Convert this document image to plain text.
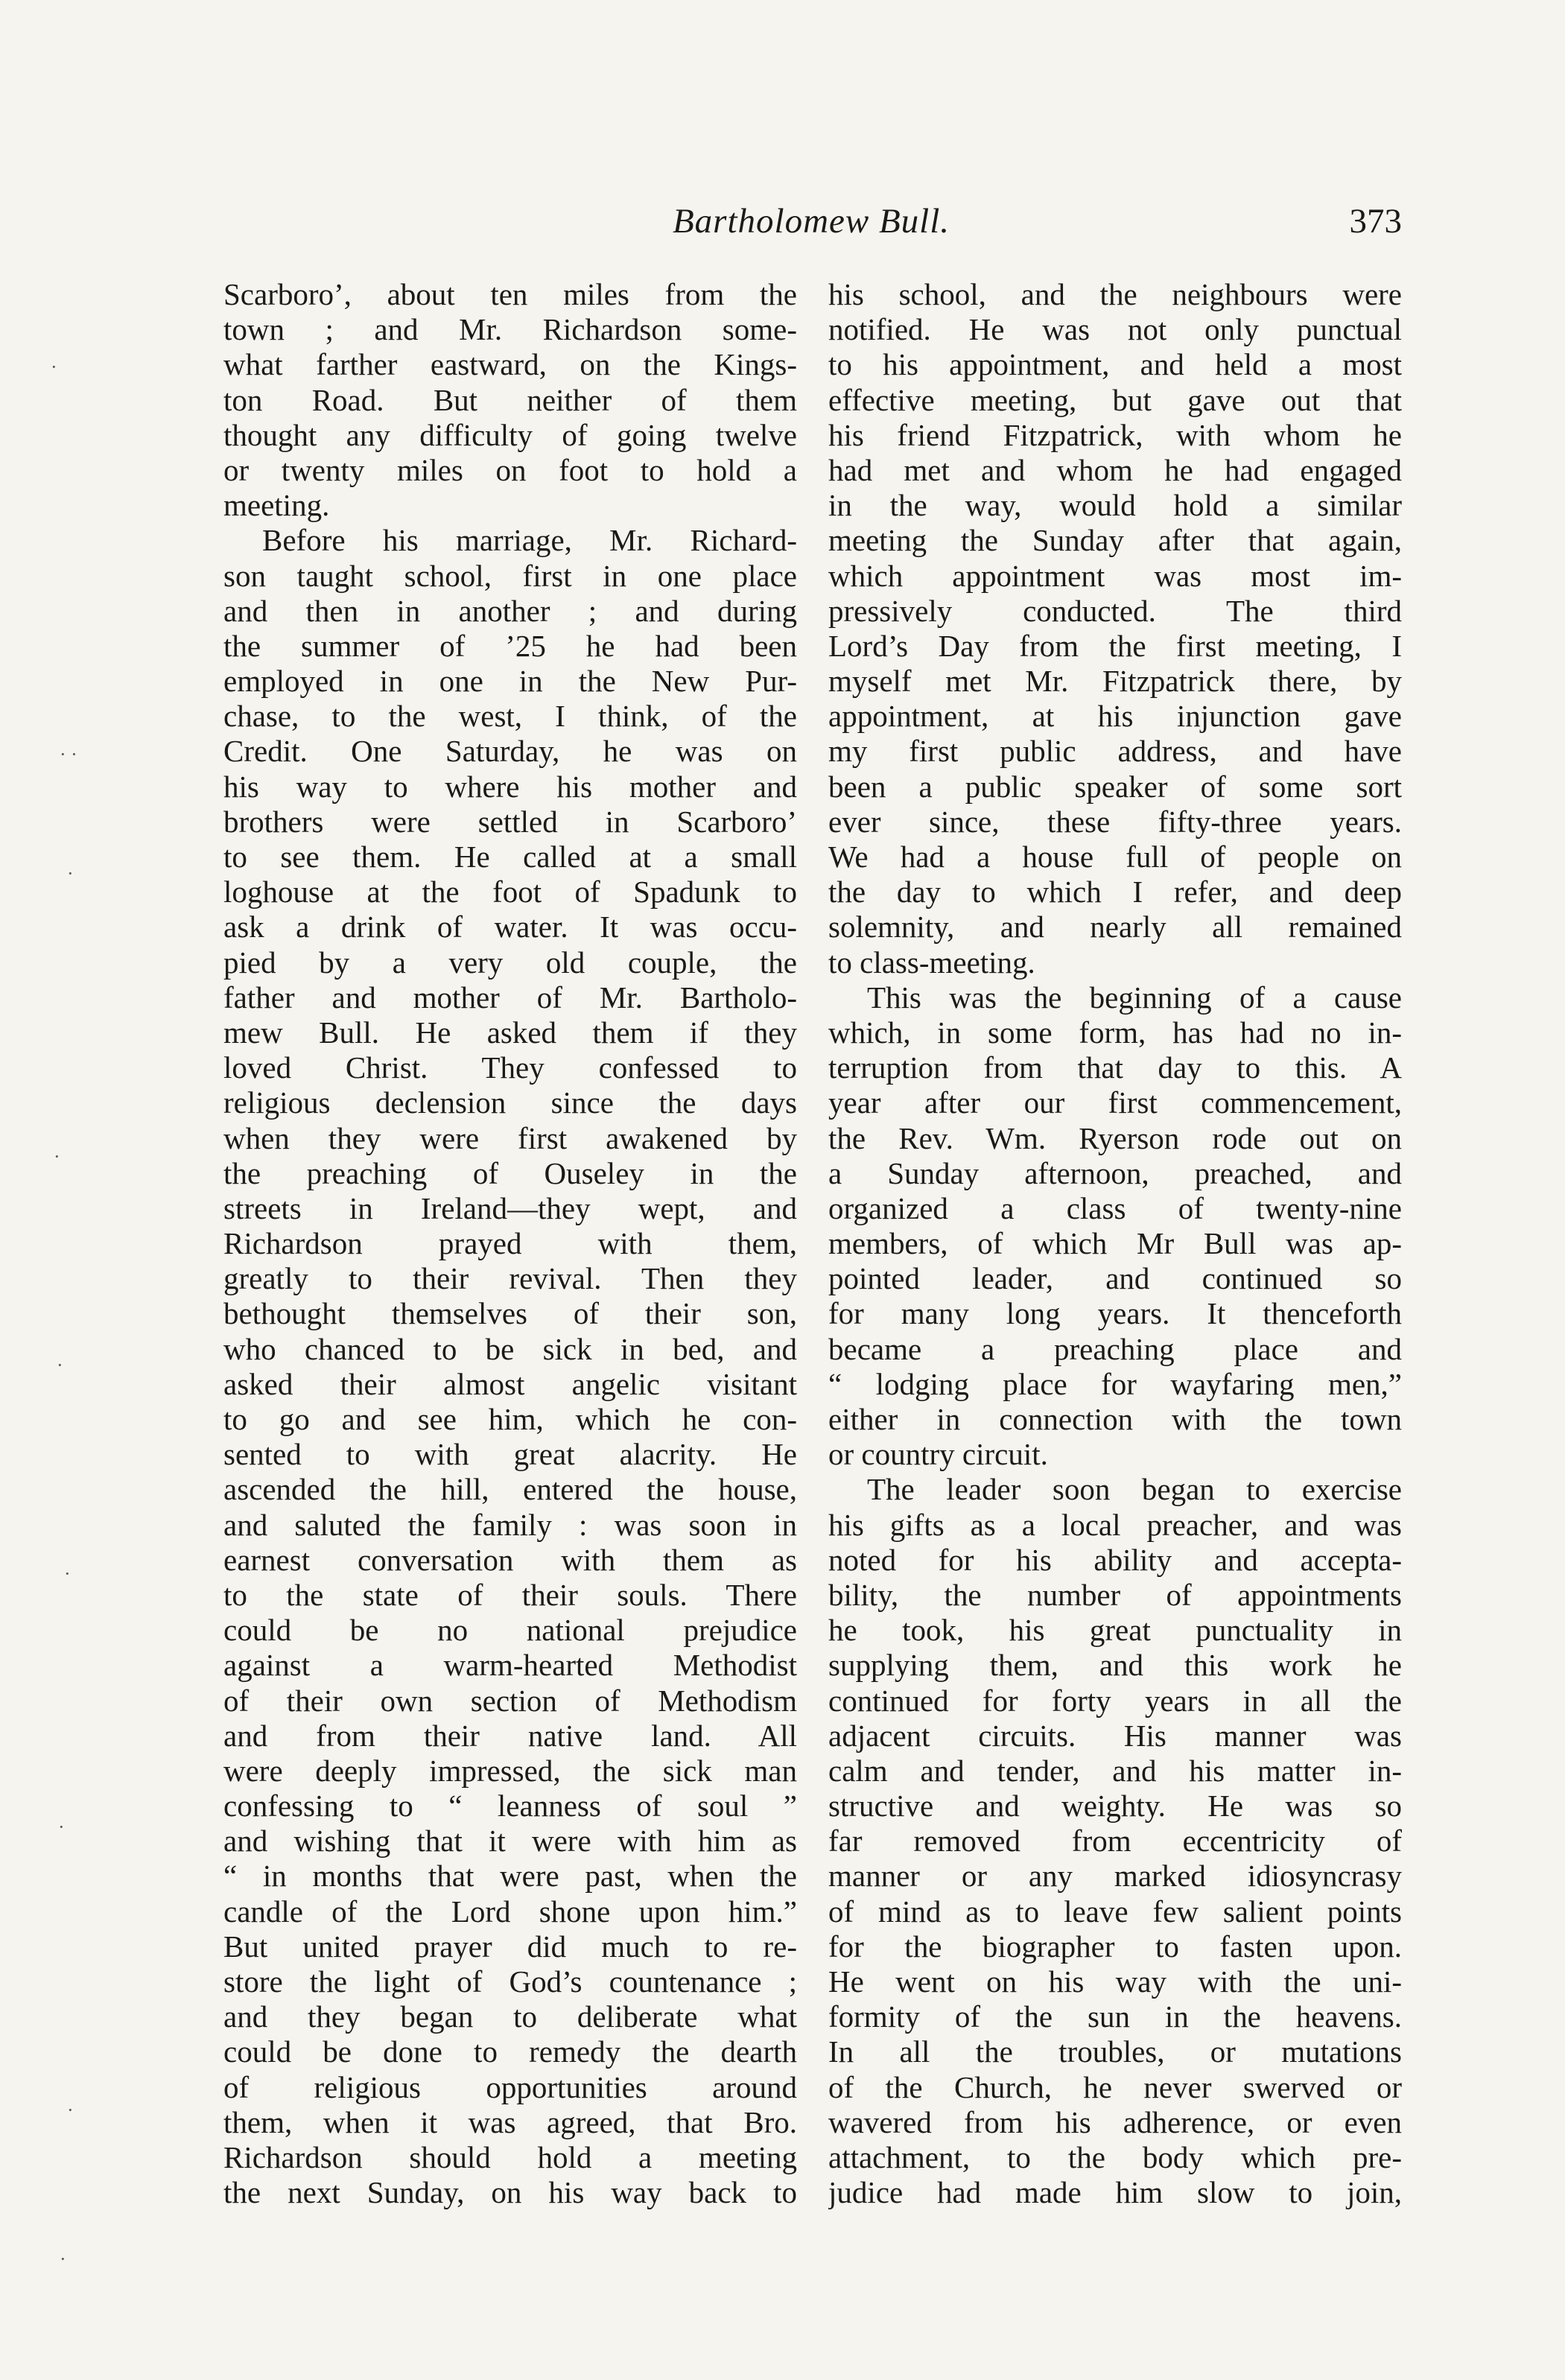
Bartholomew Bull.	373
·
· ·
·
·
·
·
·
·
·
Scarboro’, about ten miles from the
town ; and Mr. Richardson some-
what farther eastward, on the Kings-
ton Road. But neither of them
thought any difficulty of going twelve
or twenty miles on foot to hold a
meeting.
Before his marriage, Mr. Richard-
son taught school, first in one place
and then in another ; and during
the summer of ’25 he had been
employed in one in the New Pur-
chase, to the west, I think, of the
Credit. One Saturday, he was on
his way to where his mother and
brothers were settled in Scarboro’
to see them. He called at a small
loghouse at the foot of Spadunk to
ask a drink of water. It was occu-
pied by a very old couple, the
father and mother of Mr. Bartholo-
mew Bull. He asked them if they
loved Christ. They confessed to
religious declension since the days
when they were first awakened by
the preaching of Ouseley in the
streets in Ireland—they wept, and
Richardson prayed with them,
greatly to their revival. Then they
bethought themselves of their son,
who chanced to be sick in bed, and
asked their almost angelic visitant
to go and see him, which he con-
sented to with great alacrity. He
ascended the hill, entered the house,
and saluted the family : was soon in
earnest conversation with them as
to the state of their souls. There
could be no national prejudice
against a warm-hearted Methodist
of their own section of Methodism
and from their native land. All
were deeply impressed, the sick man
confessing to “ leanness of soul ”
and wishing that it were with him as
“ in months that were past, when the
candle of the Lord shone upon him.”
But united prayer did much to re-
store the light of God’s countenance ;
and they began to deliberate what
could be done to remedy the dearth
of religious opportunities around
them, when it was agreed, that Bro.
Richardson should hold a meeting
the next Sunday, on his way back to
his school, and the neighbours were
notified. He was not only punctual
to his appointment, and held a most
effective meeting, but gave out that
his friend Fitzpatrick, with whom he
had met and whom he had engaged
in the way, would hold a similar
meeting the Sunday after that again,
which appointment was most im-
pressively conducted. The third
Lord’s Day from the first meeting, I
myself met Mr. Fitzpatrick there, by
appointment, at his injunction gave
my first public address, and have
been a public speaker of some sort
ever since, these fifty-three years.
We had a house full of people on
the day to which I refer, and deep
solemnity, and nearly all remained
to class-meeting.
This was the beginning of a cause
which, in some form, has had no in-
terruption from that day to this. A
year after our first commencement,
the Rev. Wm. Ryerson rode out on
a Sunday afternoon, preached, and
organized a class of twenty-nine
members, of which Mr Bull was ap-
pointed leader, and continued so
for many long years. It thenceforth
became a preaching place and
“ lodging place for wayfaring men,”
either in connection with the town
or country circuit.
The leader soon began to exercise
his gifts as a local preacher, and was
noted for his ability and accepta-
bility, the number of appointments
he took, his great punctuality in
supplying them, and this work he
continued for forty years in all the
adjacent circuits. His manner was
calm and tender, and his matter in-
structive and weighty. He was so
far removed from eccentricity of
manner or any marked idiosyncrasy
of mind as to leave few salient points
for the biographer to fasten upon.
He went on his way with the uni-
formity of the sun in the heavens.
In all the troubles, or mutations
of the Church, he never swerved or
wavered from his adherence, or even
attachment, to the body which pre-
judice had made him slow to join,
